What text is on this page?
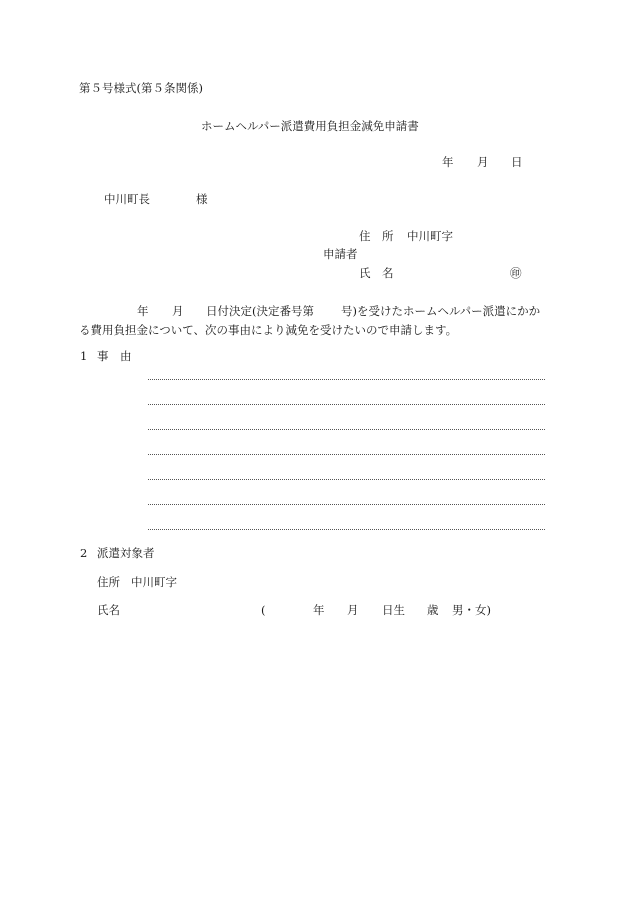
第５号様式(第５条関係)
ホームヘルパー派遣費用負担金減免申請書
年 月 日
中川町長	様
住　所 中川町字
申請者
氏　名	㊞
年 月 日付決定(決定番号第 号)を受けたホームヘルパー派遣にかか
る費用負担金について、次の事由により減免を受けたいので申請します。
1 事　由
2 派遣対象者
住所 中川町字
氏名	(	年 月 日生 歳 男・女)
